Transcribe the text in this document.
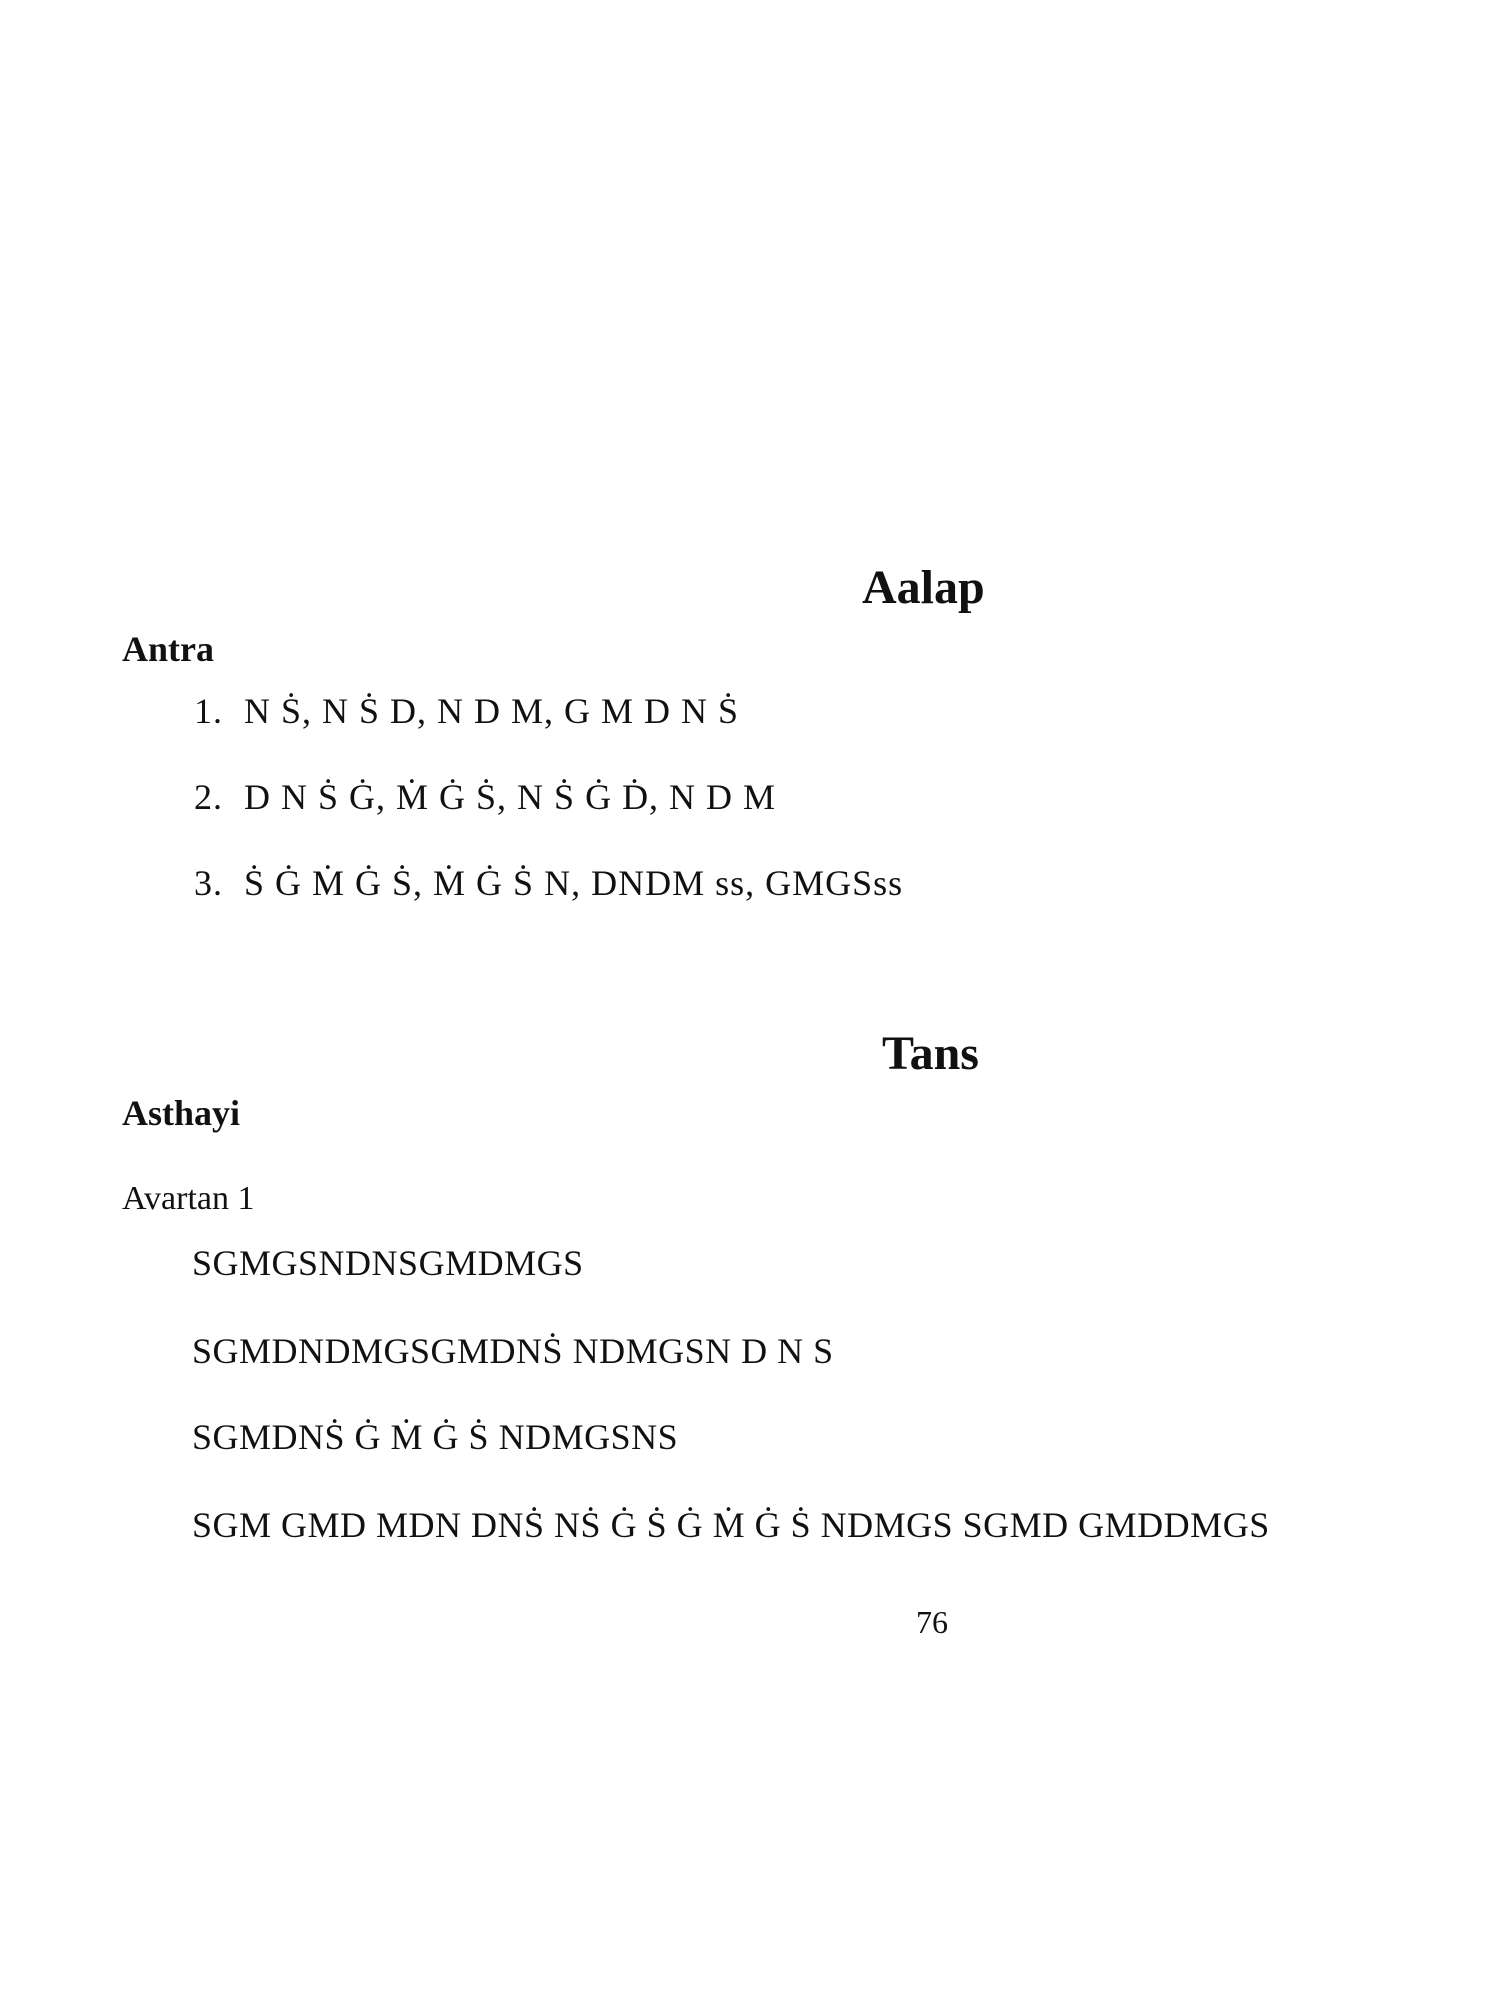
Aalap
Antra
1. N Ṡ, N Ṡ D, N D M, G M D N Ṡ
2. D N Ṡ Ġ, Ṁ Ġ Ṡ, N Ṡ Ġ Ḋ, N D M
3. Ṡ Ġ Ṁ Ġ Ṡ, Ṁ Ġ Ṡ N, DNDM ss, GMGSss
Tans
Asthayi
Avartan 1
SGMGSNDNSGMDMGS
SGMDNDMGSGMDNṠ NDMGSN D N S
SGMDNṠ Ġ Ṁ Ġ Ṡ NDMGSNS
SGM GMD MDN DNṠ NṠ Ġ Ṡ Ġ Ṁ Ġ Ṡ NDMGS SGMD GMDDMGS
76
